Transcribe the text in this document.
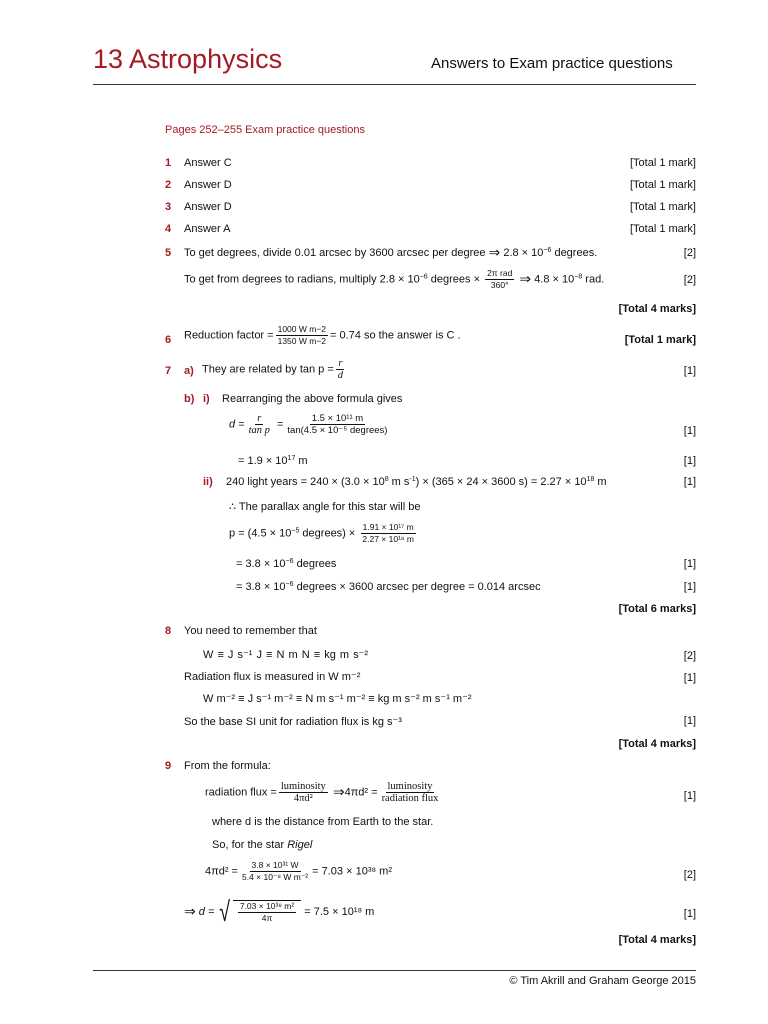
13 Astrophysics	Answers to Exam practice questions
Pages 252–255 Exam practice questions
1 Answer C	[Total 1 mark]
2 Answer D	[Total 1 mark]
3 Answer D	[Total 1 mark]
4 Answer A	[Total 1 mark]
5 To get degrees, divide 0.01 arcsec by 3600 arcsec per degree ⇒ $2.8 \times 10^{-6}$ degrees.	[2]
To get from degrees to radians, multiply $2.8 \times 10^{-6}$ degrees × $\frac{\text{2π rad}}{360^\circ}$ ⇒ $4.8 \times 10^{-8}$ rad.	[2]
[Total 4 marks]
6 Reduction factor = $\frac{\text{1000 W m−2}}{\text{1350 W m−2}} = 0.74$ so the answer is C .	[Total 1 mark]
7 a) They are related by $\tan p = \frac{r}{d}$	[1]
b) i) Rearranging the above formula gives
$d = \frac{r}{\text{tan p}} = \frac{\text{1.5 × 10¹¹ m}}{\text{tan(4.5 × 10⁻⁵ degrees)}}$	[1]
= $1.9 \times 10^{17}$ m	[1]
ii) 240 light years = $240 \times (3.0 \times 10^8$ m $s^{-1}) \times (365 \times 24 \times 3600$ $s) = 2.27 \times 10^{18}$ m	[1]
∴ The parallax angle for this star will be
$p = (4.5 \times 10^{-5}$ degrees) × $\frac{\text{1.91 × 10¹⁷ m}}{\text{2.27 × 10¹⁸ m}}$
= $3.8 \times 10^{-6}$ degrees	[1]
= $3.8 \times 10^{-6}$ degrees × 3600 arcsec per degree = 0.014 arcsec	[1]
[Total 6 marks]
8 You need to remember that
W ≡ J s⁻¹ J ≡ N m N ≡ kg m s⁻²	[2]
Radiation flux is measured in W m⁻²	[1]
W m⁻² ≡ J s⁻¹ m⁻² ≡ N m s⁻¹ m⁻² ≡ kg m s⁻² m s⁻¹ m⁻²
So the base SI unit for radiation flux is kg s⁻³	[1]
[Total 4 marks]
9 From the formula:
radiation flux = $\frac{\text{luminosity}}{\text{4πd²}}$ ⇒4πd² = $\frac{\text{luminosity}}{\text{radiation flux}}$	[1]
where d is the distance from Earth to the star.
So, for the star Rigel
$4\pi d^2 = \frac{\text{3.8 × 10³¹ W}}{\text{5.4 × 10⁻⁸ W m⁻²}} = 7.03 \times 10^{38}$ m²	[2]
⇒ d = √ $\frac{\text{7.03 × 10³⁸ m²}}{4\pi} = 7.5 \times 10^{18}$ m	[1]
[Total 4 marks]
© Tim Akrill and Graham George 2015
